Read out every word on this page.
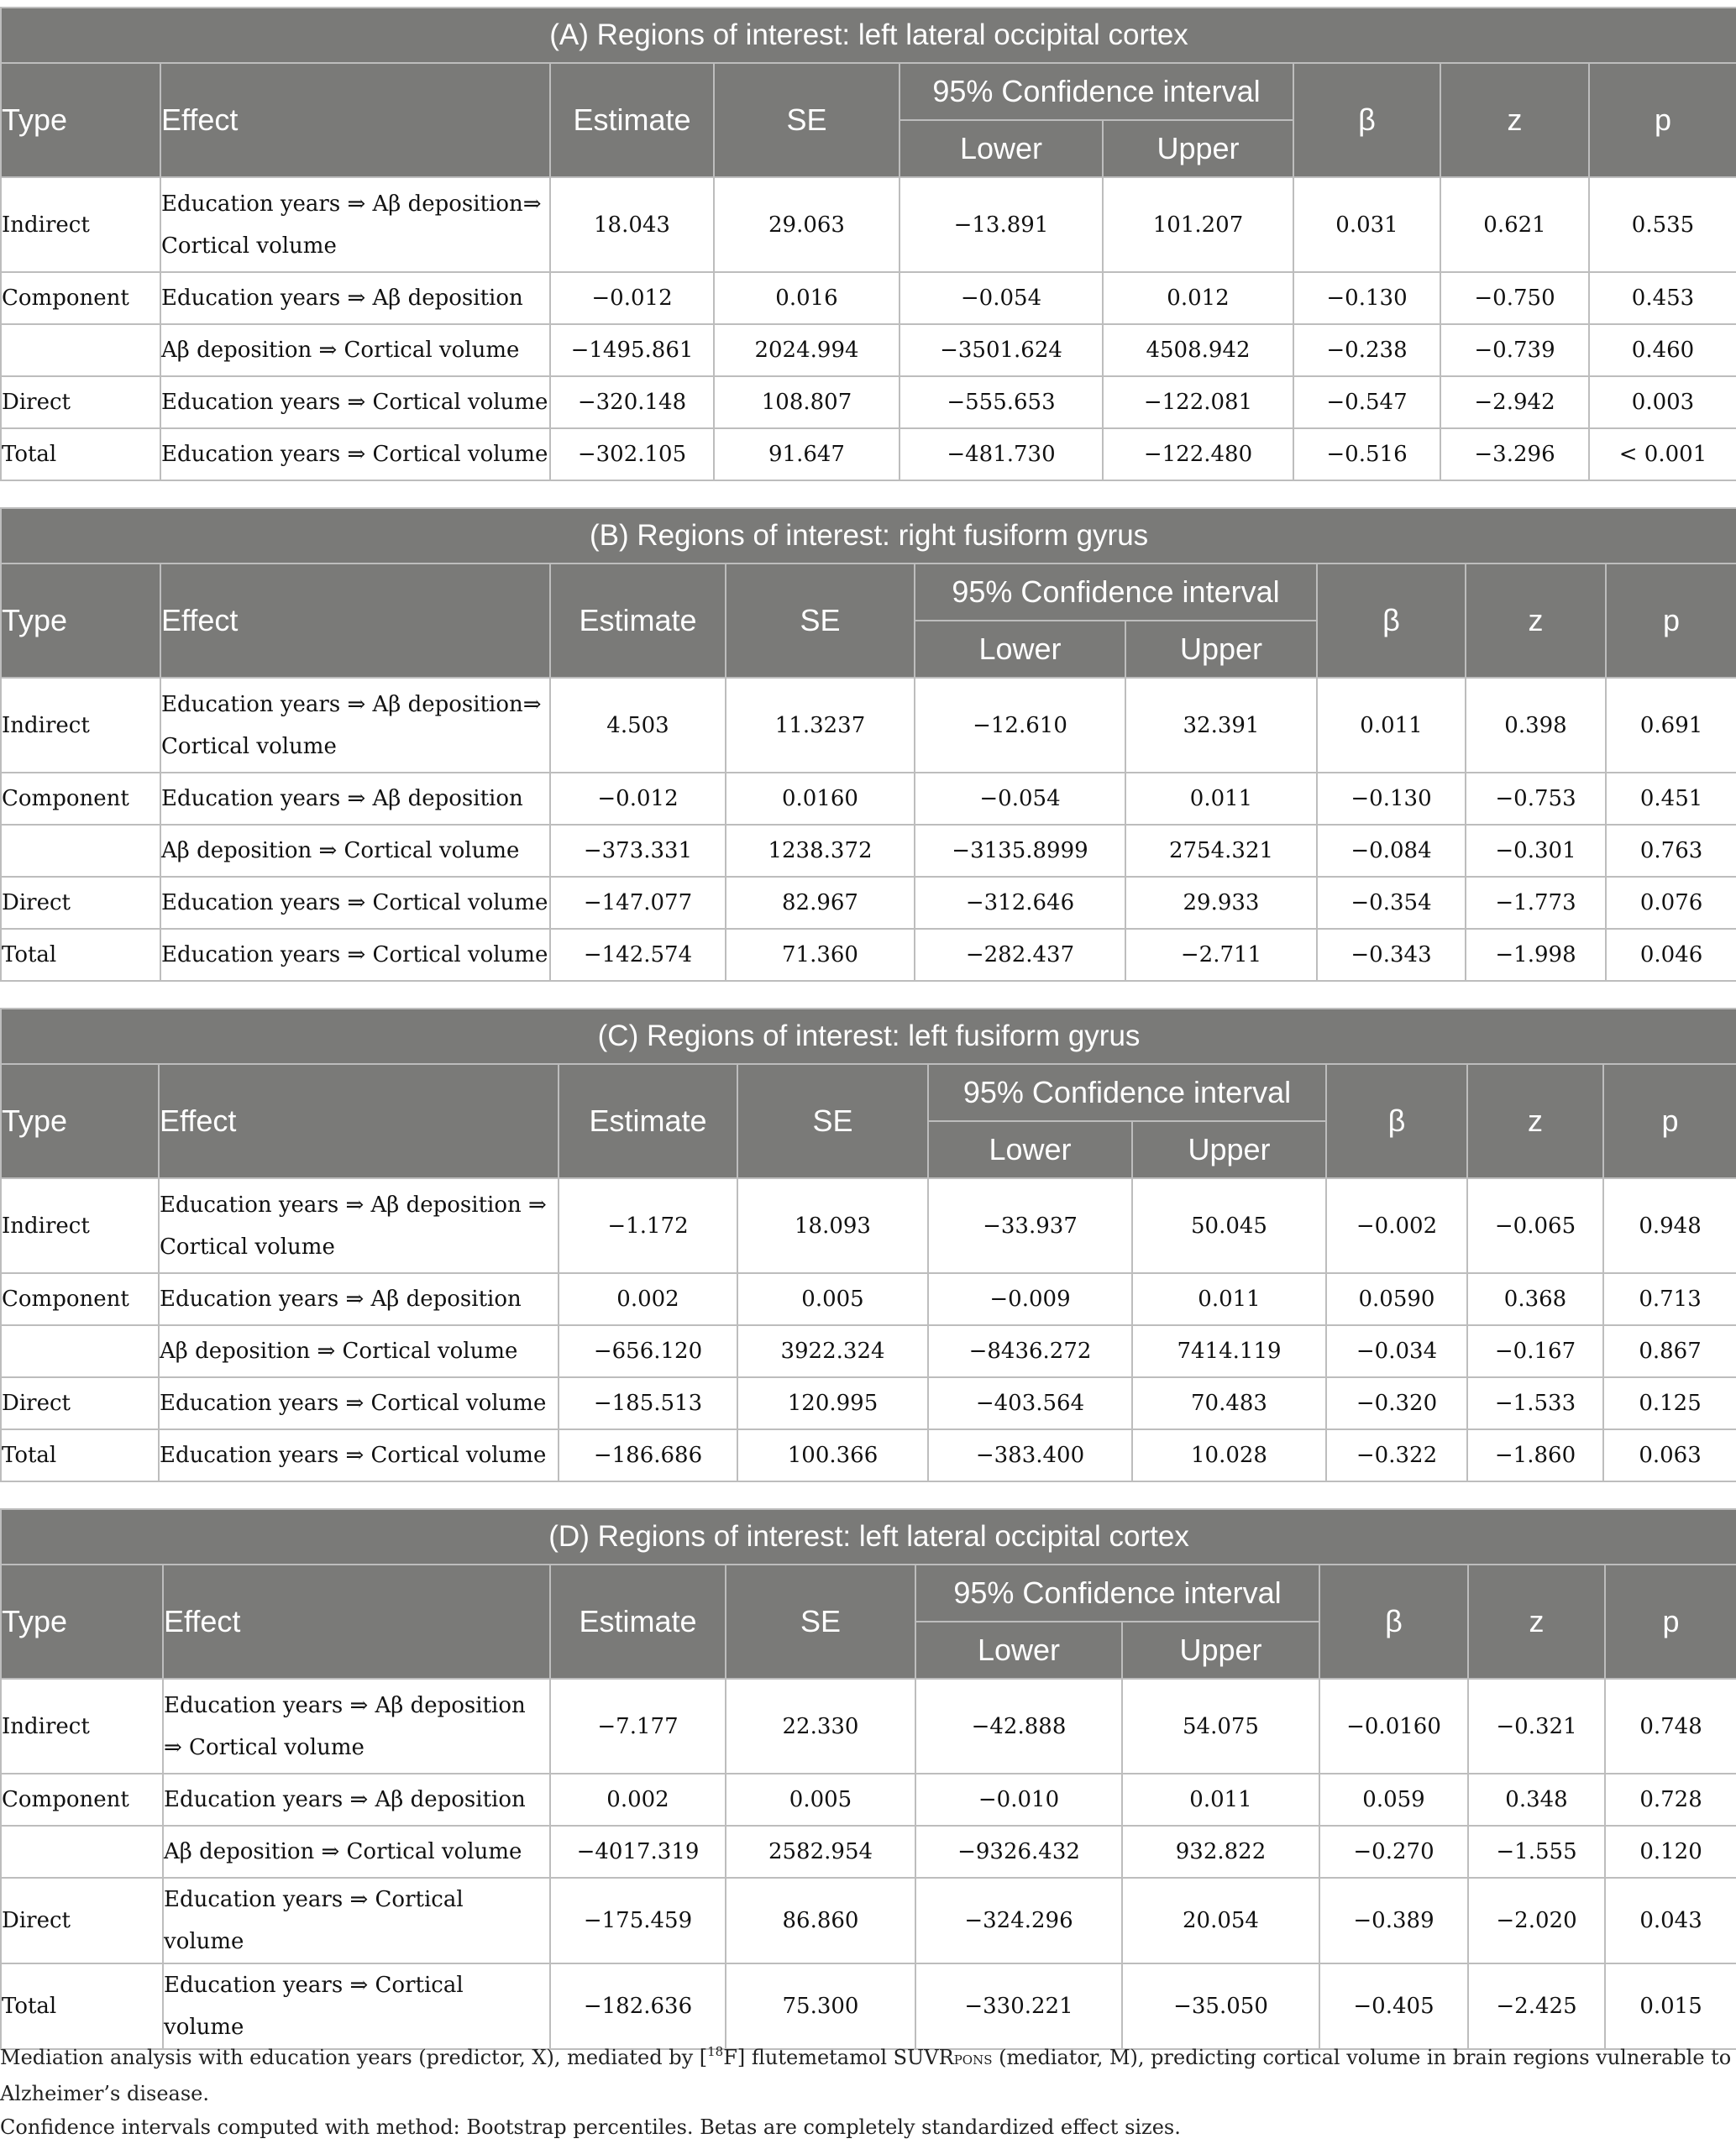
(A) Regions of interest: left lateral occipital cortex								
Type	Effect	Estimate	SE	95% Confidence interval		β	z	p
				Lower	Upper			
Indirect	Education years ⇒ Aβ deposition⇒ Cortical volume	18.043	29.063	−13.891	101.207	0.031	0.621	0.535
Component	Education years ⇒ Aβ deposition	−0.012	0.016	−0.054	0.012	−0.130	−0.750	0.453
	Aβ deposition ⇒ Cortical volume	−1495.861	2024.994	−3501.624	4508.942	−0.238	−0.739	0.460
Direct	Education years ⇒ Cortical volume	−320.148	108.807	−555.653	−122.081	−0.547	−2.942	0.003
Total	Education years ⇒ Cortical volume	−302.105	91.647	−481.730	−122.480	−0.516	−3.296	< 0.001
(B) Regions of interest: right fusiform gyrus								
Type	Effect	Estimate	SE	95% Confidence interval		β	z	p
				Lower	Upper			
Indirect	Education years ⇒ Aβ deposition⇒ Cortical volume	4.503	11.3237	−12.610	32.391	0.011	0.398	0.691
Component	Education years ⇒ Aβ deposition	−0.012	0.0160	−0.054	0.011	−0.130	−0.753	0.451
	Aβ deposition ⇒ Cortical volume	−373.331	1238.372	−3135.8999	2754.321	−0.084	−0.301	0.763
Direct	Education years ⇒ Cortical volume	−147.077	82.967	−312.646	29.933	−0.354	−1.773	0.076
Total	Education years ⇒ Cortical volume	−142.574	71.360	−282.437	−2.711	−0.343	−1.998	0.046
(C) Regions of interest: left fusiform gyrus								
Type	Effect	Estimate	SE	95% Confidence interval		β	z	p
				Lower	Upper			
Indirect	Education years ⇒ Aβ deposition ⇒ Cortical volume	−1.172	18.093	−33.937	50.045	−0.002	−0.065	0.948
Component	Education years ⇒ Aβ deposition	0.002	0.005	−0.009	0.011	0.0590	0.368	0.713
	Aβ deposition ⇒ Cortical volume	−656.120	3922.324	−8436.272	7414.119	−0.034	−0.167	0.867
Direct	Education years ⇒ Cortical volume	−185.513	120.995	−403.564	70.483	−0.320	−1.533	0.125
Total	Education years ⇒ Cortical volume	−186.686	100.366	−383.400	10.028	−0.322	−1.860	0.063
(D) Regions of interest: left lateral occipital cortex								
Type	Effect	Estimate	SE	95% Confidence interval		β	z	p
				Lower	Upper			
Indirect	Education years ⇒ Aβ deposition ⇒ Cortical volume	−7.177	22.330	−42.888	54.075	−0.0160	−0.321	0.748
Component	Education years ⇒ Aβ deposition	0.002	0.005	−0.010	0.011	0.059	0.348	0.728
	Aβ deposition ⇒ Cortical volume	−4017.319	2582.954	−9326.432	932.822	−0.270	−1.555	0.120
Direct	Education years ⇒ Cortical volume	−175.459	86.860	−324.296	20.054	−0.389	−2.020	0.043
Total	Education years ⇒ Cortical volume	−182.636	75.300	−330.221	−35.050	−0.405	−2.425	0.015
Mediation analysis with education years (predictor, X), mediated by [$^{18}$F] flutemetamol SUVRPONS (mediator, M), predicting cortical volume in brain regions vulnerable to Alzheimer’s disease.
Confidence intervals computed with method: Bootstrap percentiles. Betas are completely standardized effect sizes.
